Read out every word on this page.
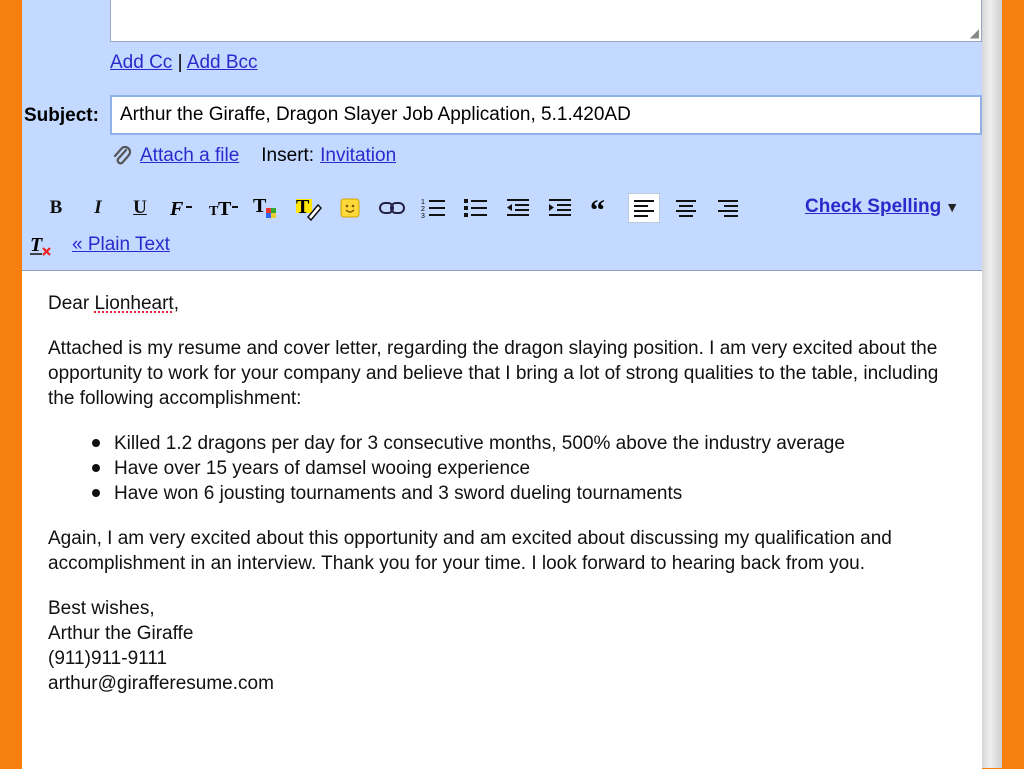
◢
Add Cc | Add Bcc
Subject:
Arthur the Giraffe, Dragon Slayer Job Application, 5.1.420AD
Attach a file Insert: Invitation
B I U F T T T T	1
2
3	“	Check Spelling ▼
T « Plain Text

Dear Lionheart,

Attached is my resume and cover letter, regarding the dragon slaying position. I am very excited about the opportunity to work for your company and believe that I bring a lot of strong qualities to the table, including the following accomplishment:

Killed 1.2 dragons per day for 3 consecutive months, 500% above the industry average
Have over 15 years of damsel wooing experience
Have won 6 jousting tournaments and 3 sword dueling tournaments

Again, I am very excited about this opportunity and am excited about discussing my qualification and accomplishment in an interview. Thank you for your time. I look forward to hearing back from you.

Best wishes,
Arthur the Giraffe
(911)911-9111
arthur@girafferesume.com
